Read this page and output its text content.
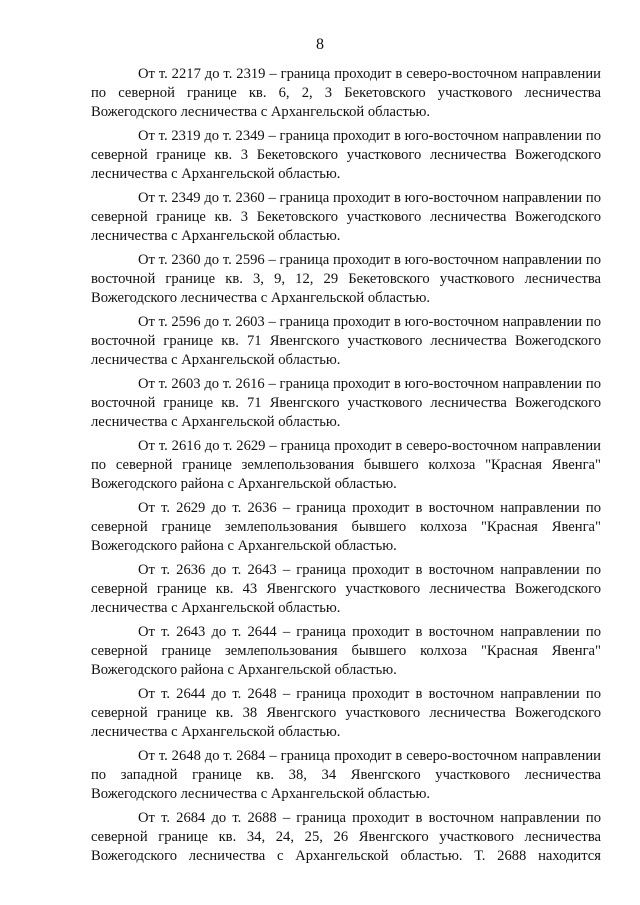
8

От т. 2217 до т. 2319 – граница проходит в северо-восточном направлении по северной границе кв. 6, 2, 3 Бекетовского участкового лесничества Вожегодского лесничества с Архангельской областью.

От т. 2319 до т. 2349 – граница проходит в юго-восточном направлении по северной границе кв. 3 Бекетовского участкового лесничества Вожегодского лесничества с Архангельской областью.

От т. 2349 до т. 2360 – граница проходит в юго-восточном направлении по северной границе кв. 3 Бекетовского участкового лесничества Вожегодского лесничества с Архангельской областью.

От т. 2360 до т. 2596 – граница проходит в юго-восточном направлении по восточной границе кв. 3, 9, 12, 29 Бекетовского участкового лесничества Вожегодского лесничества с Архангельской областью.

От т. 2596 до т. 2603 – граница проходит в юго-восточном направлении по восточной границе кв. 71 Явенгского участкового лесничества Вожегодского лесничества с Архангельской областью.

От т. 2603 до т. 2616 – граница проходит в юго-восточном направлении по восточной границе кв. 71 Явенгского участкового лесничества Вожегодского лесничества с Архангельской областью.

От т. 2616 до т. 2629 – граница проходит в северо-восточном направлении по северной границе землепользования бывшего колхоза "Красная Явенга" Вожегодского района с Архангельской областью.

От т. 2629 до т. 2636 – граница проходит в восточном направлении по северной границе землепользования бывшего колхоза "Красная Явенга" Вожегодского района с Архангельской областью.

От т. 2636 до т. 2643 – граница проходит в восточном направлении по северной границе кв. 43 Явенгского участкового лесничества Вожегодского лесничества с Архангельской областью.

От т. 2643 до т. 2644 – граница проходит в восточном направлении по северной границе землепользования бывшего колхоза "Красная Явенга" Вожегодского района с Архангельской областью.

От т. 2644 до т. 2648 – граница проходит в восточном направлении по северной границе кв. 38 Явенгского участкового лесничества Вожегодского лесничества с Архангельской областью.

От т. 2648 до т. 2684 – граница проходит в северо-восточном направлении по западной границе кв. 38, 34 Явенгского участкового лесничества Вожегодского лесничества с Архангельской областью.

От т. 2684 до т. 2688 – граница проходит в восточном направлении по северной границе кв. 34, 24, 25, 26 Явенгского участкового лесничества Вожегодского лесничества с Архангельской областью. Т. 2688 находится
